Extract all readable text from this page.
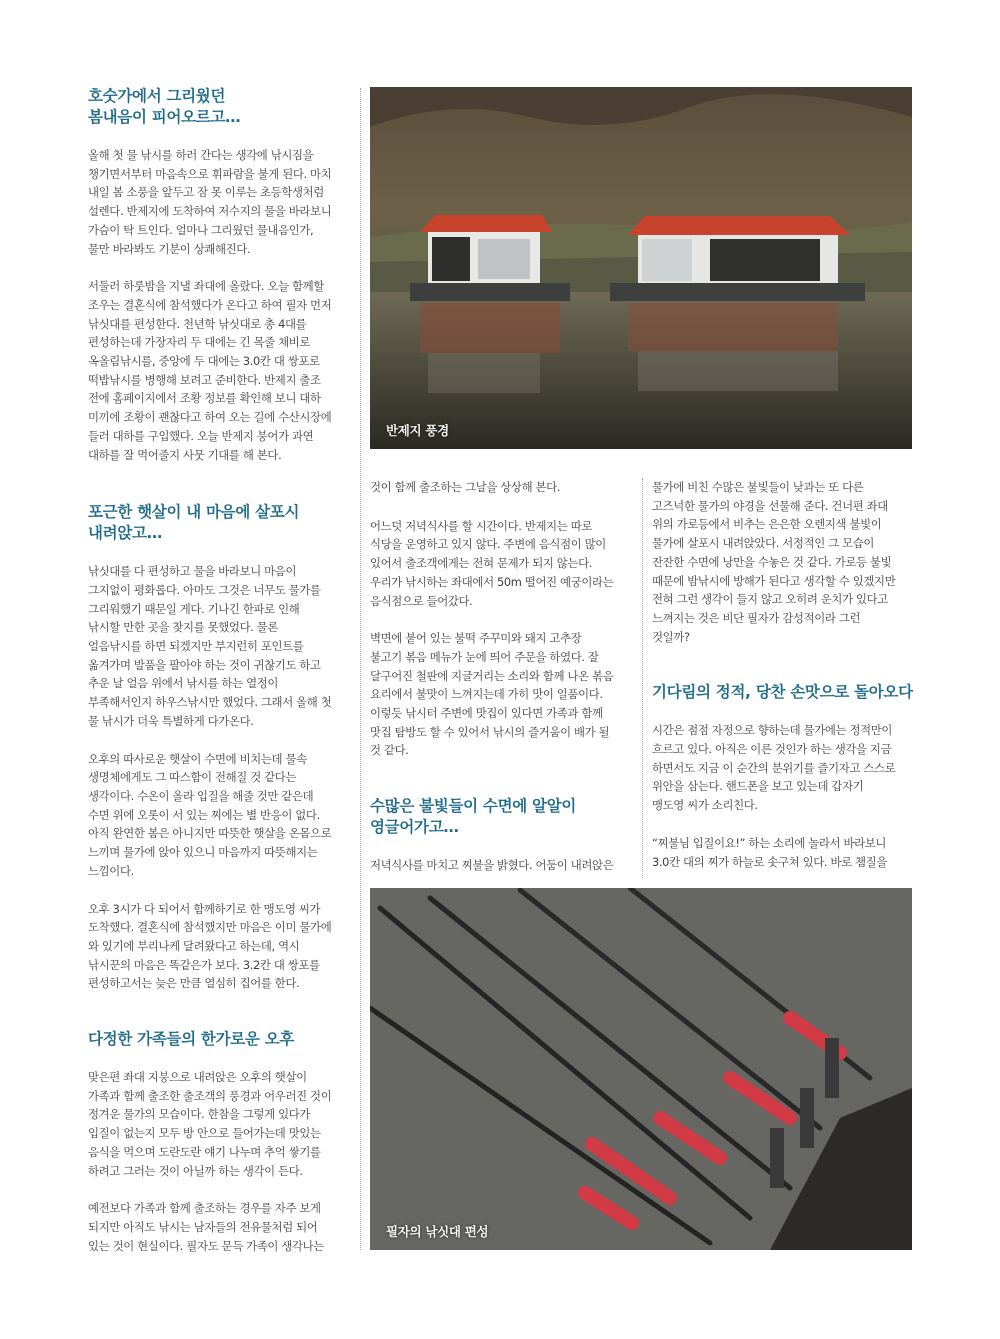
호숫가에서 그리웠던
봄내음이 피어오르고…

올해 첫 물 낚시를 하러 간다는 생각에 낚시짐을
챙기면서부터 마음속으로 휘파람을 불게 된다. 마치
내일 봄 소풍을 앞두고 잠 못 이루는 초등학생처럼
설렌다. 반제지에 도착하여 저수지의 물을 바라보니
가슴이 탁 트인다. 얼마나 그리웠던 물내음인가,
물만 바라봐도 기분이 상쾌해진다.

서둘러 하룻밤을 지낼 좌대에 올랐다. 오늘 함께할
조우는 결혼식에 참석했다가 온다고 하여 필자 먼저
낚싯대를 편성한다. 천년학 낚싯대로 총 4대를
편성하는데 가장자리 두 대에는 긴 목줄 채비로
옥올림낚시를, 중앙에 두 대에는 3.0칸 대 쌍포로
떡밥낚시를 병행해 보려고 준비한다. 반제지 출조
전에 홈페이지에서 조황 정보를 확인해 보니 대하
미끼에 조황이 괜찮다고 하여 오는 길에 수산시장에
들러 대하를 구입했다. 오늘 반제지 붕어가 과연
대하를 잘 먹어줄지 사뭇 기대를 해 본다.

포근한 햇살이 내 마음에 살포시
내려앉고…

낚싯대를 다 편성하고 물을 바라보니 마음이
그지없이 평화롭다. 아마도 그것은 너무도 물가를
그리워했기 때문일 게다. 기나긴 한파로 인해
낚시할 만한 곳을 찾지를 못했었다. 물론
얼음낚시를 하면 되겠지만 부지런히 포인트를
옮겨가며 발품을 팔아야 하는 것이 귀찮기도 하고
추운 날 얼음 위에서 낚시를 하는 열정이
부족해서인지 하우스낚시만 했었다. 그래서 올해 첫
물 낚시가 더욱 특별하게 다가온다.

오후의 따사로운 햇살이 수면에 비치는데 물속
생명체에게도 그 따스함이 전해질 것 같다는
생각이다. 수온이 올라 입질을 해줄 것만 같은데
수면 위에 오롯이 서 있는 찌에는 별 반응이 없다.
아직 완연한 봄은 아니지만 따뜻한 햇살을 온몸으로
느끼며 물가에 앉아 있으니 마음까지 따뜻해지는
느낌이다.

오후 3시가 다 되어서 함께하기로 한 맹도영 씨가
도착했다. 결혼식에 참석했지만 마음은 이미 물가에
와 있기에 부리나케 달려왔다고 하는데, 역시
낚시꾼의 마음은 똑같은가 보다. 3.2칸 대 쌍포를
편성하고서는 늦은 만큼 열심히 집어를 한다.

다정한 가족들의 한가로운 오후

맞은편 좌대 지붕으로 내려앉은 오후의 햇살이
가족과 함께 출조한 출조객의 풍경과 어우러진 것이
정겨운 물가의 모습이다. 한참을 그렇게 있다가
입질이 없는지 모두 방 안으로 들어가는데 맛있는
음식을 먹으며 도란도란 얘기 나누며 추억 쌓기를
하려고 그러는 것이 아닐까 하는 생각이 든다.

예전보다 가족과 함께 출조하는 경우를 자주 보게
되지만 아직도 낚시는 남자들의 전유물처럼 되어
있는 것이 현실이다. 필자도 문득 가족이 생각나는

반제지 풍경

것이 함께 출조하는 그날을 상상해 본다.

어느덧 저녁식사를 할 시간이다. 반제지는 따로
식당을 운영하고 있지 않다. 주변에 음식점이 많이
있어서 출조객에게는 전혀 문제가 되지 않는다.
우리가 낚시하는 좌대에서 50m 떨어진 예궁이라는
음식점으로 들어갔다.

벽면에 붙어 있는 불떡 주꾸미와 돼지 고추장
불고기 볶음 메뉴가 눈에 띄어 주문을 하였다. 잘
달구어진 철판에 지글거리는 소리와 함께 나온 볶음
요리에서 불맛이 느껴지는데 가히 맛이 일품이다.
이렇듯 낚시터 주변에 맛집이 있다면 가족과 함께
맛집 탐방도 할 수 있어서 낚시의 즐거움이 배가 될
것 같다.

수많은 불빛들이 수면에 알알이
영글어가고…

저녁식사를 마치고 찌불을 밝혔다. 어둠이 내려앉은

물가에 비친 수많은 불빛들이 낮과는 또 다른
고즈넉한 물가의 야경을 선물해 준다. 건너편 좌대
위의 가로등에서 비추는 은은한 오렌지색 불빛이
물가에 살포시 내려앉았다. 서정적인 그 모습이
잔잔한 수면에 낭만을 수놓은 것 같다. 가로등 불빛
때문에 밤낚시에 방해가 된다고 생각할 수 있겠지만
전혀 그런 생각이 들지 않고 오히려 운치가 있다고
느껴지는 것은 비단 필자가 감성적이라 그런
것일까?

기다림의 정적, 당찬 손맛으로 돌아오다

시간은 점점 자정으로 향하는데 물가에는 정적만이
흐르고 있다. 아직은 이른 것인가 하는 생각을 지금
하면서도 지금 이 순간의 분위기를 즐기자고 스스로
위안을 삼는다. 핸드폰을 보고 있는데 갑자기
맹도영 씨가 소리친다.

“찌불님 입질이요!” 하는 소리에 놀라서 바라보니
3.0칸 대의 찌가 하늘로 솟구쳐 있다. 바로 챔질을

필자의 낚싯대 편성
